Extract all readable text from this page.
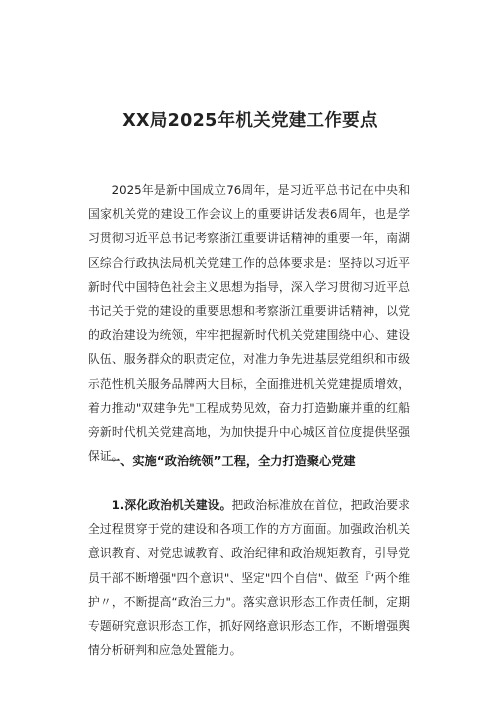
XX局2025年机关党建工作要点

2025年是新中国成立76周年，是习近平总书记在中央和国家机关党的建设工作会议上的重要讲话发表6周年，也是学习贯彻习近平总书记考察浙江重要讲话精神的重要一年，南湖区综合行政执法局机关党建工作的总体要求是：坚持以习近平新时代中国特色社会主义思想为指导，深入学习贯彻习近平总书记关于党的建设的重要思想和考察浙江重要讲话精神，以党的政治建设为统领，牢牢把握新时代机关党建围绕中心、建设队伍、服务群众的职责定位，对准力争先进基层党组织和市级示范性机关服务品牌两大目标，全面推进机关党建提质增效，着力推动"双建争先"工程成势见效，奋力打造勤廉并重的红船旁新时代机关党建高地，为加快提升中心城区首位度提供坚强保证。

一、实施“政治统领”工程，全力打造聚心党建

1.深化政治机关建设。把政治标准放在首位，把政治要求全过程贯穿于党的建设和各项工作的方方面面。加强政治机关意识教育、对党忠诚教育、政治纪律和政治规矩教育，引导党员干部不断增强"四个意识"、坚定"四个自信"、做至『‘两个维护〃，不断提高“政治三力"。落实意识形态工作责任制，定期专题研究意识形态工作，抓好网络意识形态工作，不断增强舆情分析研判和应急处置能力。
